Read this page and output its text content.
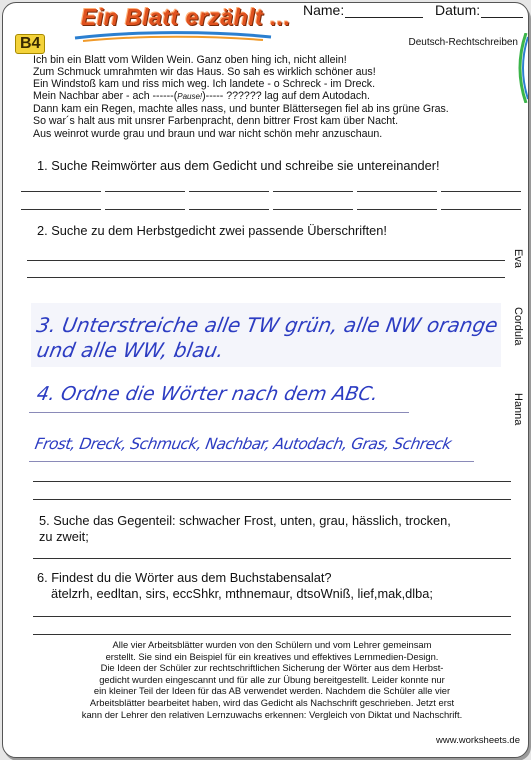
Ein Blatt erzählt ... Name:	Datum:
B4	Deutsch-Rechtschreiben
Ich bin ein Blatt vom Wilden Wein. Ganz oben hing ich, nicht allein!
Zum Schmuck umrahmten wir das Haus. So sah es wirklich schöner aus!
Ein Windstoß kam und riss mich weg. Ich landete - o Schreck - im Dreck.
Mein Nachbar aber - ach ------(Pause!)----- ?????? lag auf dem Autodach.
Dann kam ein Regen, machte alles nass, und bunter Blättersegen fiel ab ins grüne Gras.
So war´s halt aus mit unsrer Farbenpracht, denn bittrer Frost kam über Nacht.
Aus weinrot wurde grau und braun und war nicht schön mehr anzuschaun.
1. Suche Reimwörter aus dem Gedicht und schreibe sie untereinander!
2. Suche zu dem Herbstgedicht zwei passende Überschriften!
Eva
Cordula
Hanna
3. Unterstreiche alle TW grün, alle NW orange
und alle WW, blau.
4. Ordne die Wörter nach dem ABC.
Frost, Dreck, Schmuck, Nachbar, Autodach, Gras, Schreck
5. Suche das Gegenteil: schwacher Frost, unten, grau, hässlich, trocken,
zu zweit;
6. Findest du die Wörter aus dem Buchstabensalat?
ätelzrh, eedltan, sirs, eccShkr, mthnemaur, dtsoWniß, lief,mak,dlba;
Alle vier Arbeitsblätter wurden von den Schülern und vom Lehrer gemeinsam
erstellt. Sie sind ein Beispiel für ein kreatives und effektives Lernmedien-Design.
Die Ideen der Schüler zur rechtschriftlichen Sicherung der Wörter aus dem Herbst-
gedicht wurden eingescannt und für alle zur Übung bereitgestellt. Leider konnte nur
ein kleiner Teil der Ideen für das AB verwendet werden. Nachdem die Schüler alle vier
Arbeitsblätter bearbeitet haben, wird das Gedicht als Nachschrift geschrieben. Jetzt erst
kann der Lehrer den relativen Lernzuwachs erkennen: Vergleich von Diktat und Nachschrift.
www.worksheets.de
